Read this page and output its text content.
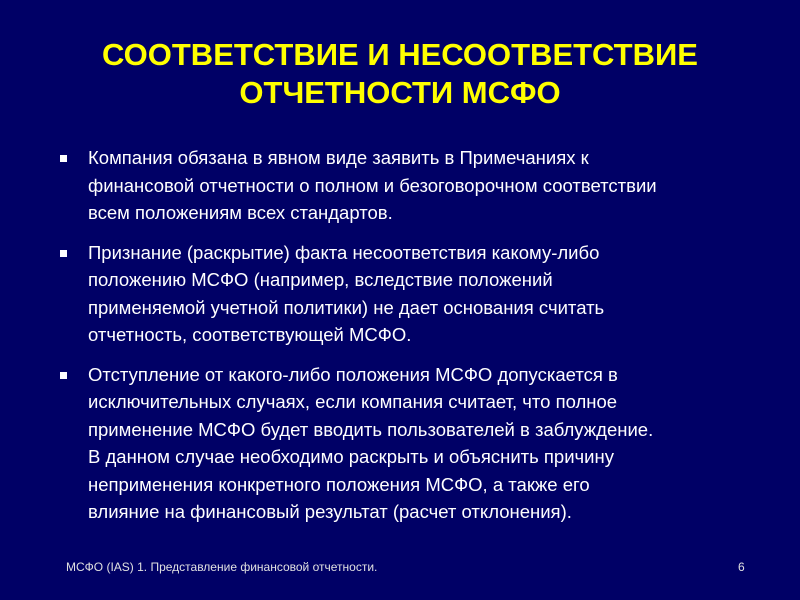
СООТВЕТСТВИЕ И НЕСООТВЕТСТВИЕ
ОТЧЕТНОСТИ МСФО
Компания обязана в явном виде заявить в Примечаниях к
финансовой отчетности о полном и безоговорочном соответствии
всем положениям всех стандартов.
Признание (раскрытие) факта несоответствия какому-либо
положению МСФО (например, вследствие положений
применяемой учетной политики) не дает основания считать
отчетность, соответствующей МСФО.
Отступление от какого-либо положения МСФО допускается в
исключительных случаях, если компания считает, что полное
применение МСФО будет вводить пользователей в заблуждение.
В данном случае необходимо раскрыть и объяснить причину
неприменения конкретного положения МСФО, а также его
влияние на финансовый результат (расчет отклонения).
МСФО (IAS) 1. Представление финансовой отчетности.	6
